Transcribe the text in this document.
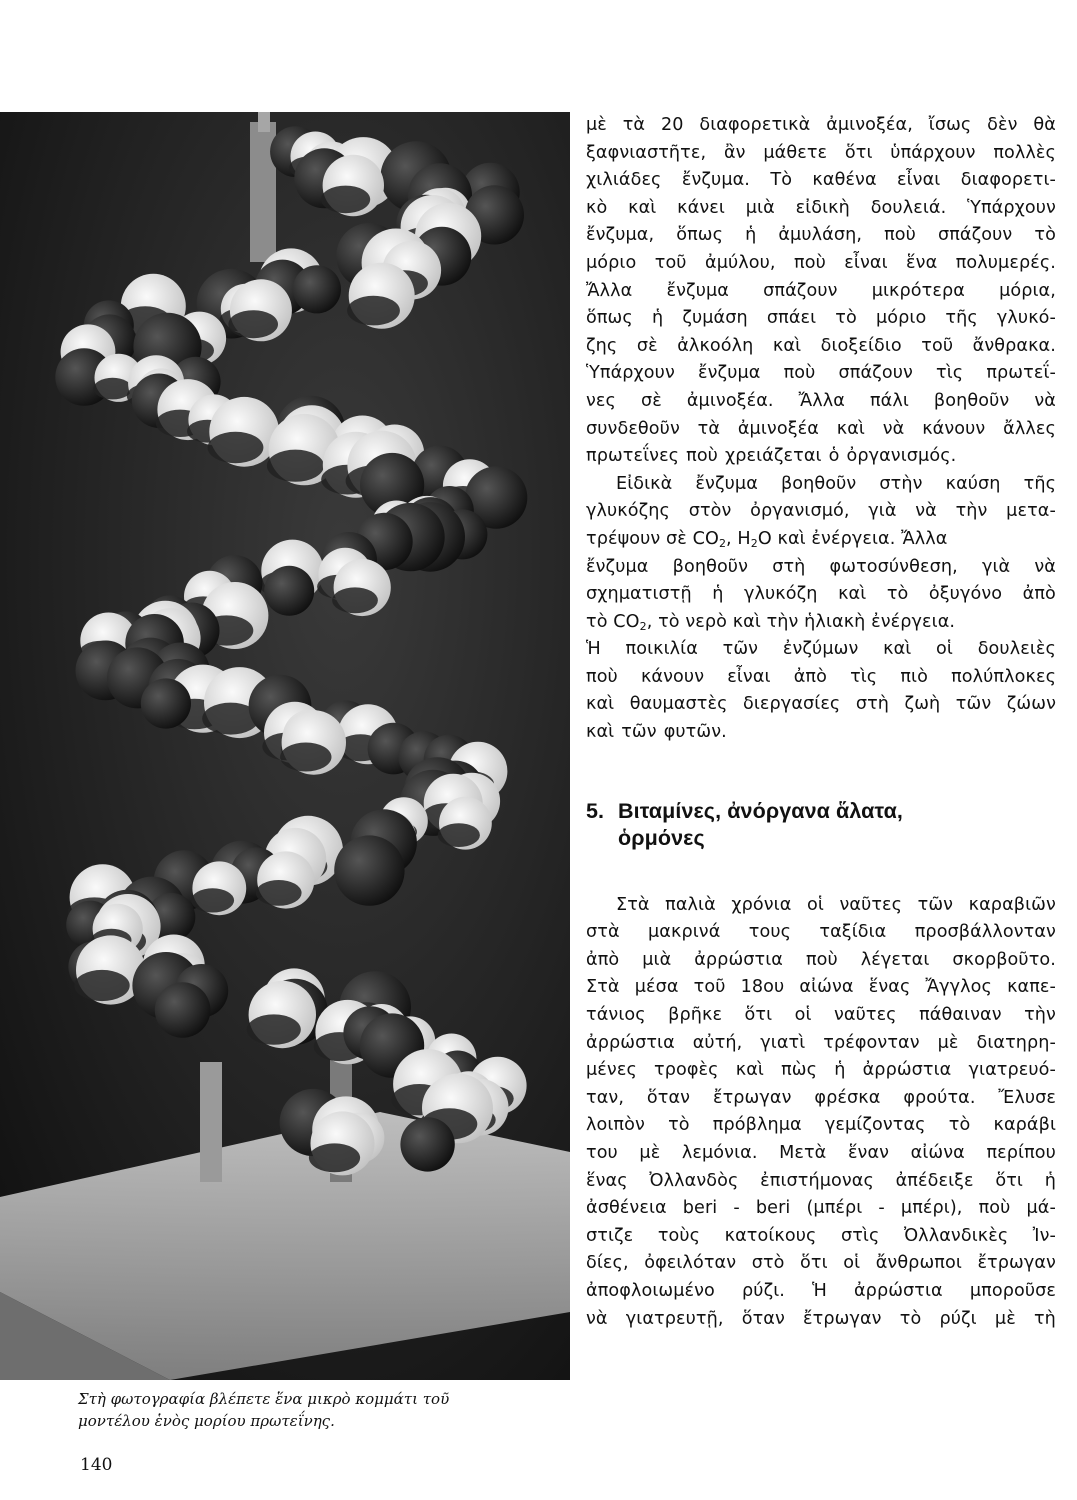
Στὴ φωτογραφία βλέπετε ἕνα μικρὸ κομμάτι τοῦ

μοντέλου ἑνὸς μορίου πρωτεΐνης.

140
μὲ τὰ 20 διαφορετικὰ ἀμινοξέα, ἴσως δὲν θὰ
ξαφνιαστῆτε, ἂν μάθετε ὅτι ὑπάρχουν πολλὲς
χιλιάδες ἔνζυμα. Τὸ καθένα εἶναι διαφορετι-
κὸ καὶ κάνει μιὰ εἰδικὴ δουλειά. Ὑπάρχουν
ἔνζυμα, ὅπως ἡ ἀμυλάση, ποὺ σπάζουν τὸ
μόριο τοῦ ἀμύλου, ποὺ εἶναι ἕνα πολυμερές.
Ἄλλα ἔνζυμα σπάζουν μικρότερα μόρια,
ὅπως ἡ ζυμάση σπάει τὸ μόριο τῆς γλυκό-
ζης σὲ ἀλκοόλη καὶ διοξείδιο τοῦ ἄνθρακα.
Ὑπάρχουν ἔνζυμα ποὺ σπάζουν τὶς πρωτεΐ-
νες σὲ ἀμινοξέα. Ἄλλα πάλι βοηθοῦν νὰ
συνδεθοῦν τὰ ἀμινοξέα καὶ νὰ κάνουν ἄλλες
πρωτεΐνες ποὺ χρειάζεται ὁ ὀργανισμός.
Εἰδικὰ ἔνζυμα βοηθοῦν στὴν καύση τῆς
γλυκόζης στὸν ὀργανισμό, γιὰ νὰ τὴν μετα-
τρέψουν σὲ $CO_2$, $H_2O$ καὶ ἐνέργεια. Ἄλλα
ἔνζυμα βοηθοῦν στὴ φωτοσύνθεση, γιὰ νὰ
σχηματιστῇ ἡ γλυκόζη καὶ τὸ ὀξυγόνο ἀπὸ
τὸ $CO_2$, τὸ νερὸ καὶ τὴν ἡλιακὴ ἐνέργεια.
Ἡ ποικιλία τῶν ἐνζύμων καὶ οἱ δουλειὲς
ποὺ κάνουν εἶναι ἀπὸ τὶς πιὸ πολύπλοκες
καὶ θαυμαστὲς διεργασίες στὴ ζωὴ τῶν ζώων
καὶ τῶν φυτῶν.
5. Βιταμίνες, ἀνόργανα ἅλατα,
ὁρμόνες
Στὰ παλιὰ χρόνια οἱ ναῦτες τῶν καραβιῶν
στὰ μακρινά τους ταξίδια προσβάλλονταν
ἀπὸ μιὰ ἀρρώστια ποὺ λέγεται σκορβοῦτο.
Στὰ μέσα τοῦ 18ου αἰώνα ἕνας Ἄγγλος καπε-
τάνιος βρῆκε ὅτι οἱ ναῦτες πάθαιναν τὴν
ἀρρώστια αὐτή, γιατὶ τρέφονταν μὲ διατηρη-
μένες τροφὲς καὶ πὼς ἡ ἀρρώστια γιατρευό-
ταν, ὅταν ἔτρωγαν φρέσκα φρούτα. Ἔλυσε
λοιπὸν τὸ πρόβλημα γεμίζοντας τὸ καράβι
του μὲ λεμόνια. Μετὰ ἕναν αἰώνα περίπου
ἕνας Ὀλλανδὸς ἐπιστήμονας ἀπέδειξε ὅτι ἡ
ἀσθένεια beri - beri (μπέρι - μπέρι), ποὺ μά-
στιζε τοὺς κατοίκους στὶς Ὀλλανδικὲς Ἰν-
δίες, ὀφειλόταν στὸ ὅτι οἱ ἄνθρωποι ἔτρωγαν
ἀποφλοιωμένο ρύζι. Ἡ ἀρρώστια μποροῦσε
νὰ γιατρευτῇ, ὅταν ἔτρωγαν τὸ ρύζι μὲ τὴ
